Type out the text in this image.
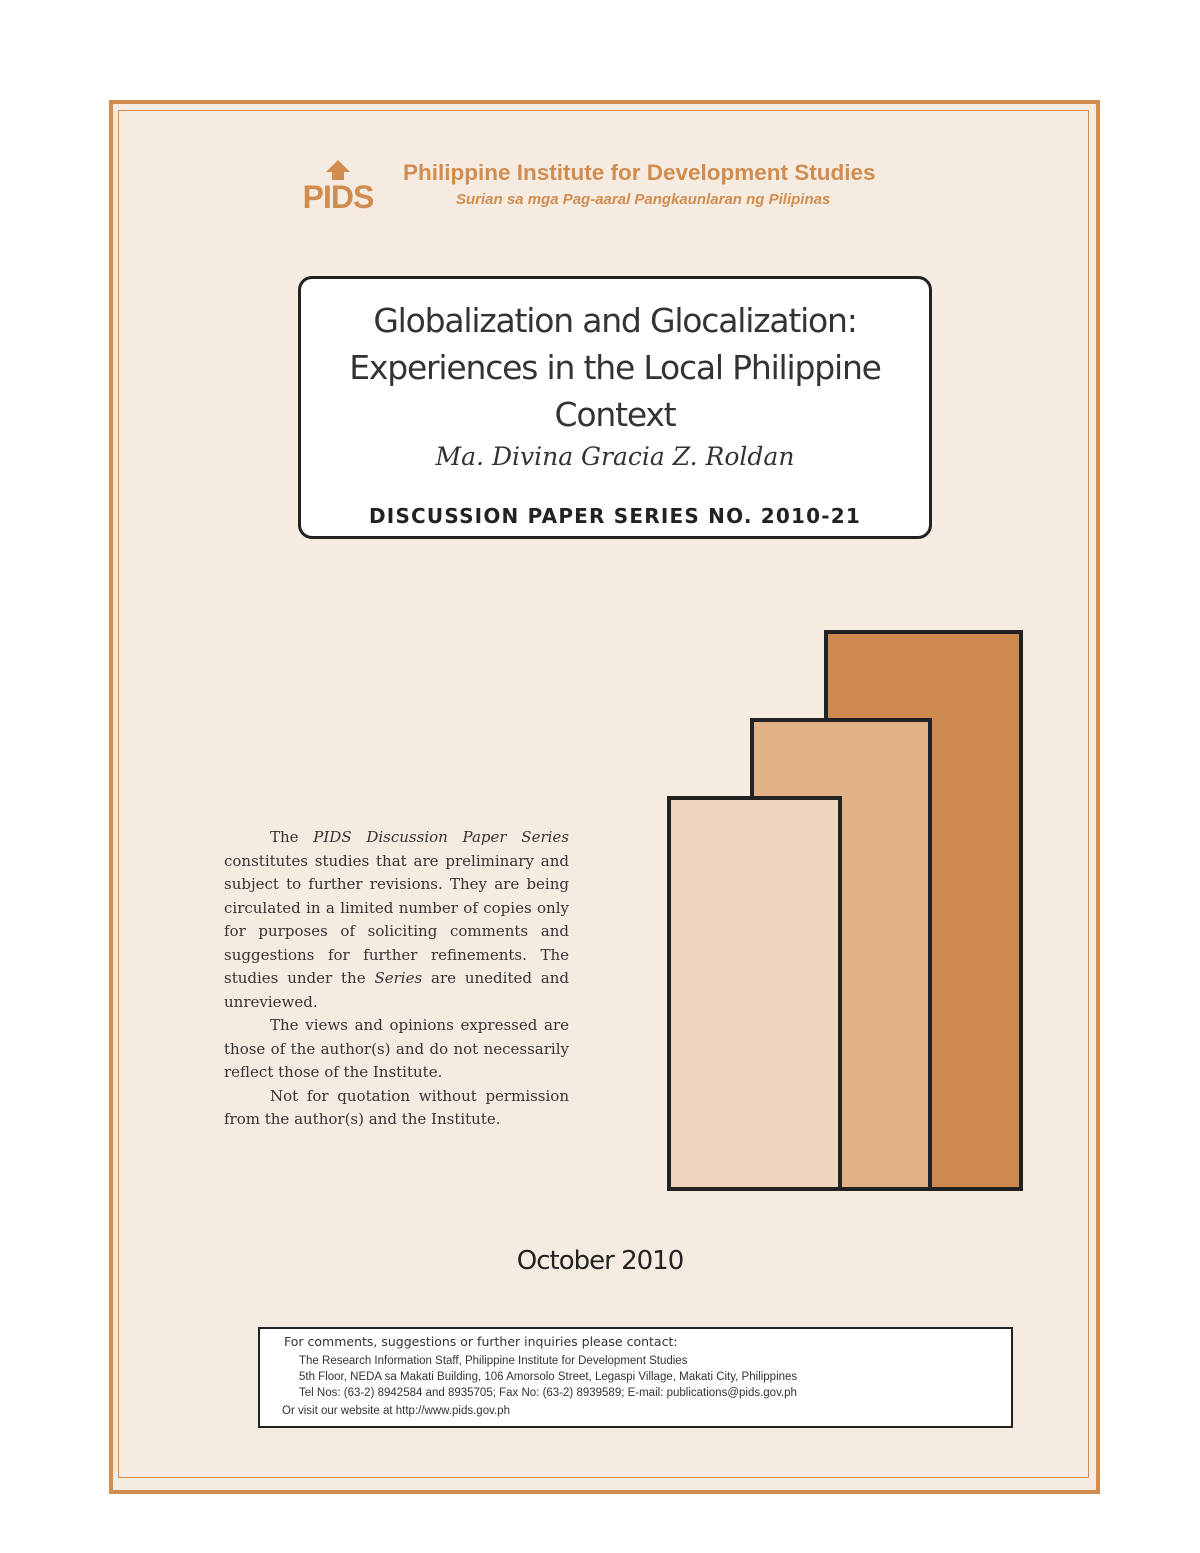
PIDS
Philippine Institute for Development Studies
Surian sa mga Pag-aaral Pangkaunlaran ng Pilipinas
Globalization and Glocalization:
Experiences in the Local Philippine
Context
Ma. Divina Gracia Z. Roldan
DISCUSSION PAPER SERIES NO. 2010-21

The PIDS Discussion Paper Series constitutes studies that are preliminary and subject to further revisions. They are being circulated in a limited number of copies only for purposes of soliciting comments and suggestions for further refinements. The studies under the Series are unedited and unreviewed.

The views and opinions expressed are those of the author(s) and do not necessarily reflect those of the Institute.

Not for quotation without permission from the author(s) and the Institute.

October 2010
For comments, suggestions or further inquiries please contact:
The Research Information Staff, Philippine Institute for Development Studies
5th Floor, NEDA sa Makati Building, 106 Amorsolo Street, Legaspi Village, Makati City, Philippines
Tel Nos: (63-2) 8942584 and 8935705; Fax No: (63-2) 8939589; E-mail: publications@pids.gov.ph
Or visit our website at http://www.pids.gov.ph
